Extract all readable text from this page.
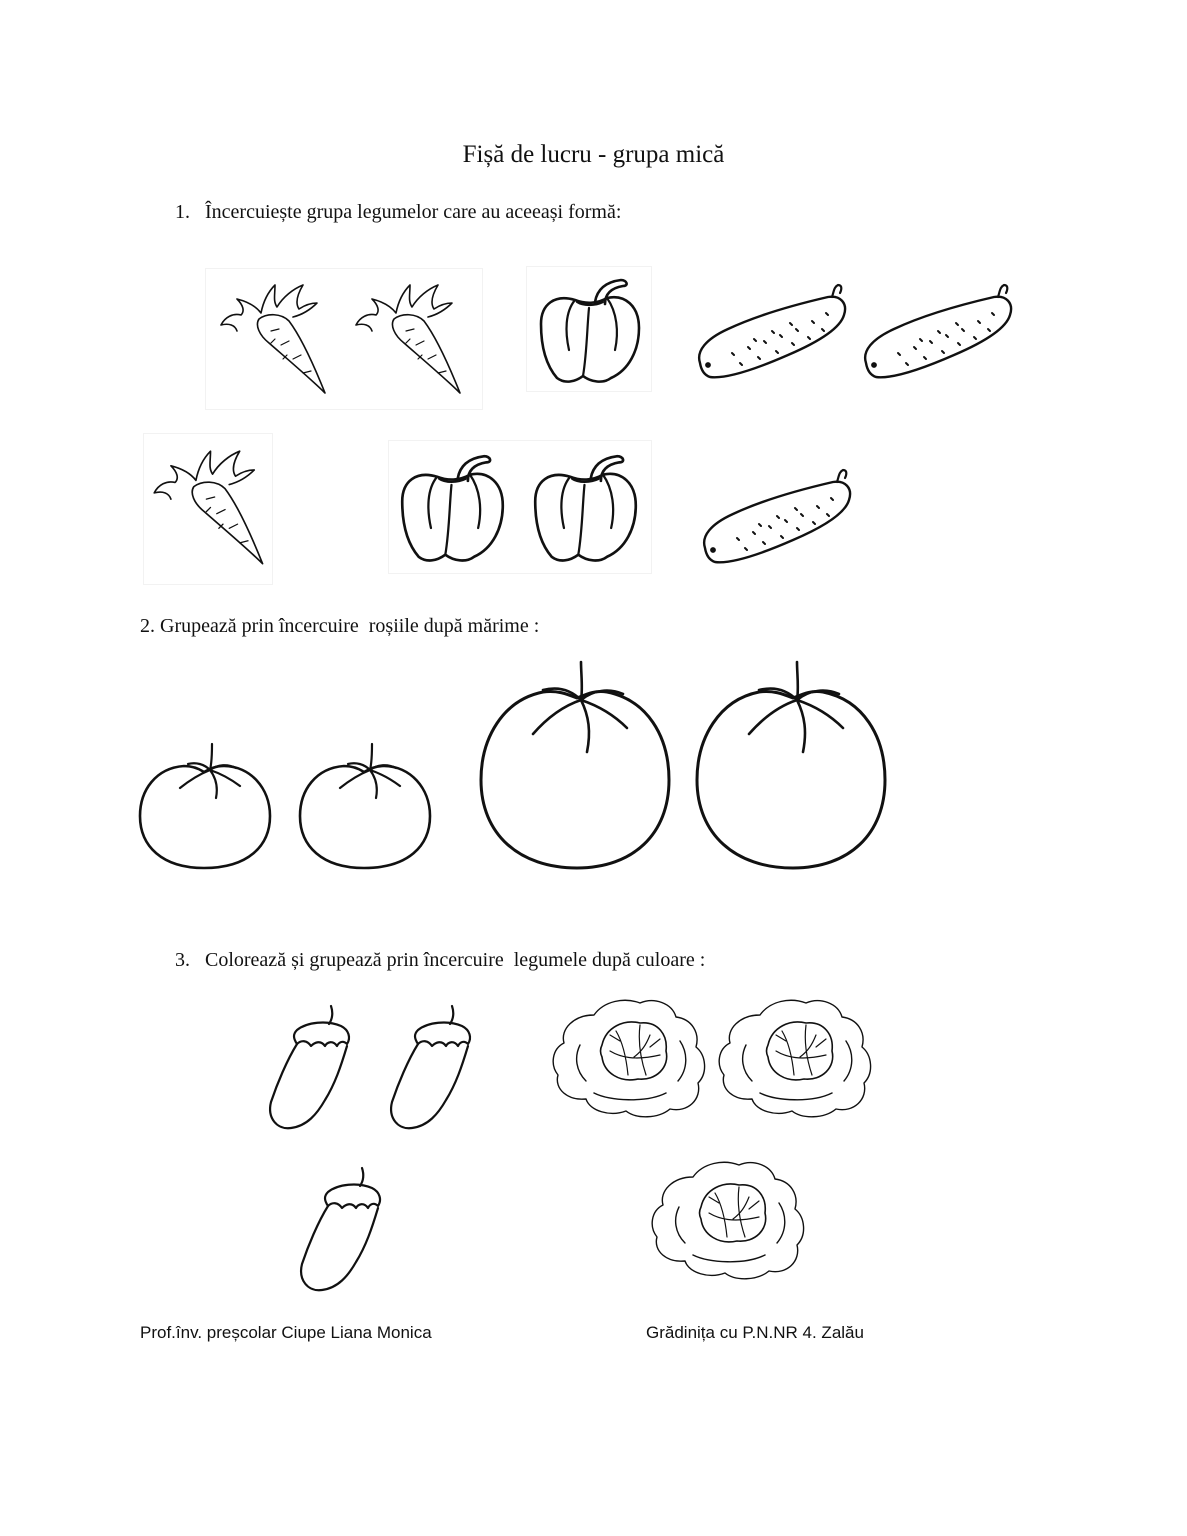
Fișă de lucru - grupa mică
1.   Încercuiește grupa legumelor care au aceeași formă:
2. Grupează prin încercuire  roșiile după mărime :
3.   Colorează și grupează prin încercuire  legumele după culoare :
Prof.înv. preșcolar Ciupe Liana Monica	Grădinița cu P.N.NR 4. Zalău
